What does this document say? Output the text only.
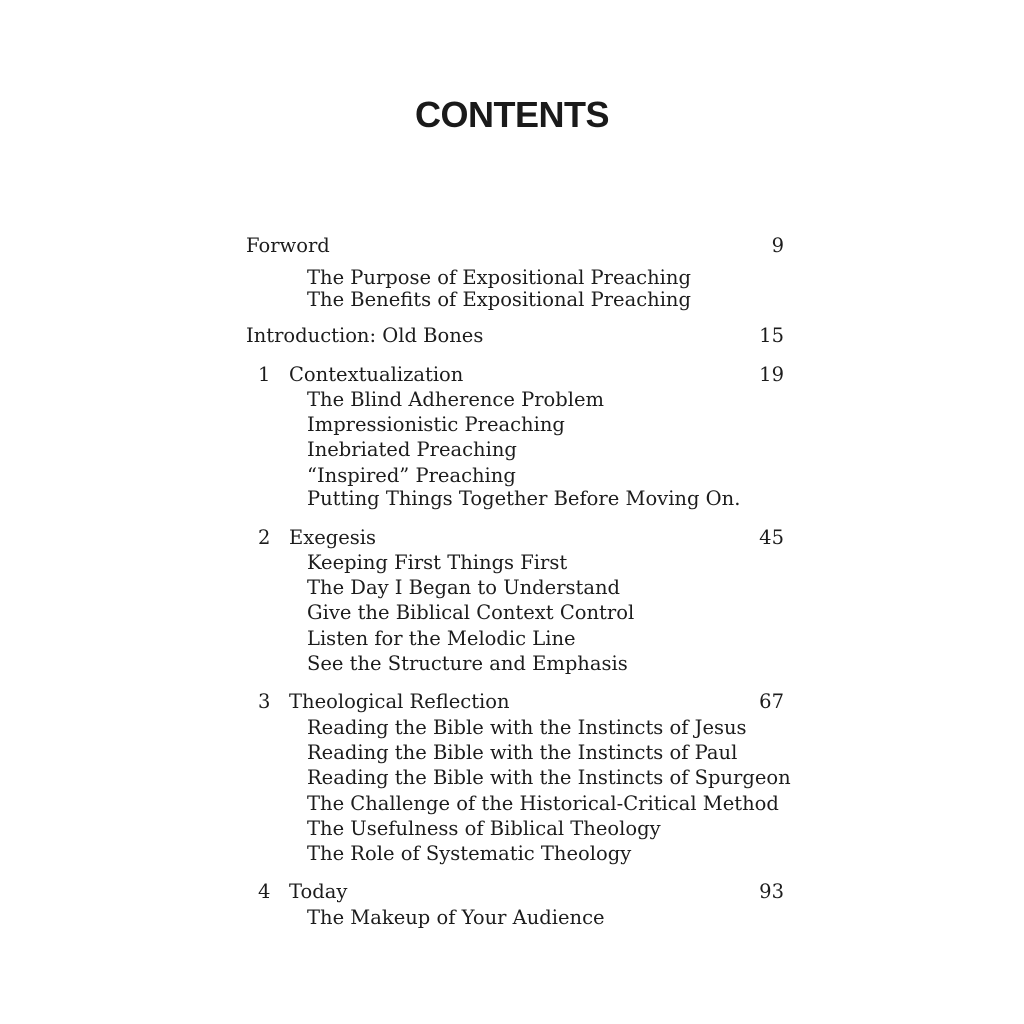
CONTENTS
Forword	9
The Purpose of Expositional Preaching
The Benefits of Expositional Preaching
Introduction: Old Bones	15
1 Contextualization	19
The Blind Adherence Problem
Impressionistic Preaching
Inebriated Preaching
“Inspired” Preaching
Putting Things Together Before Moving On.
2 Exegesis	45
Keeping First Things First
The Day I Began to Understand
Give the Biblical Context Control
Listen for the Melodic Line
See the Structure and Emphasis
3 Theological Reflection	67
Reading the Bible with the Instincts of Jesus
Reading the Bible with the Instincts of Paul
Reading the Bible with the Instincts of Spurgeon
The Challenge of the Historical-Critical Method
The Usefulness of Biblical Theology
The Role of Systematic Theology
4 Today	93
The Makeup of Your Audience
